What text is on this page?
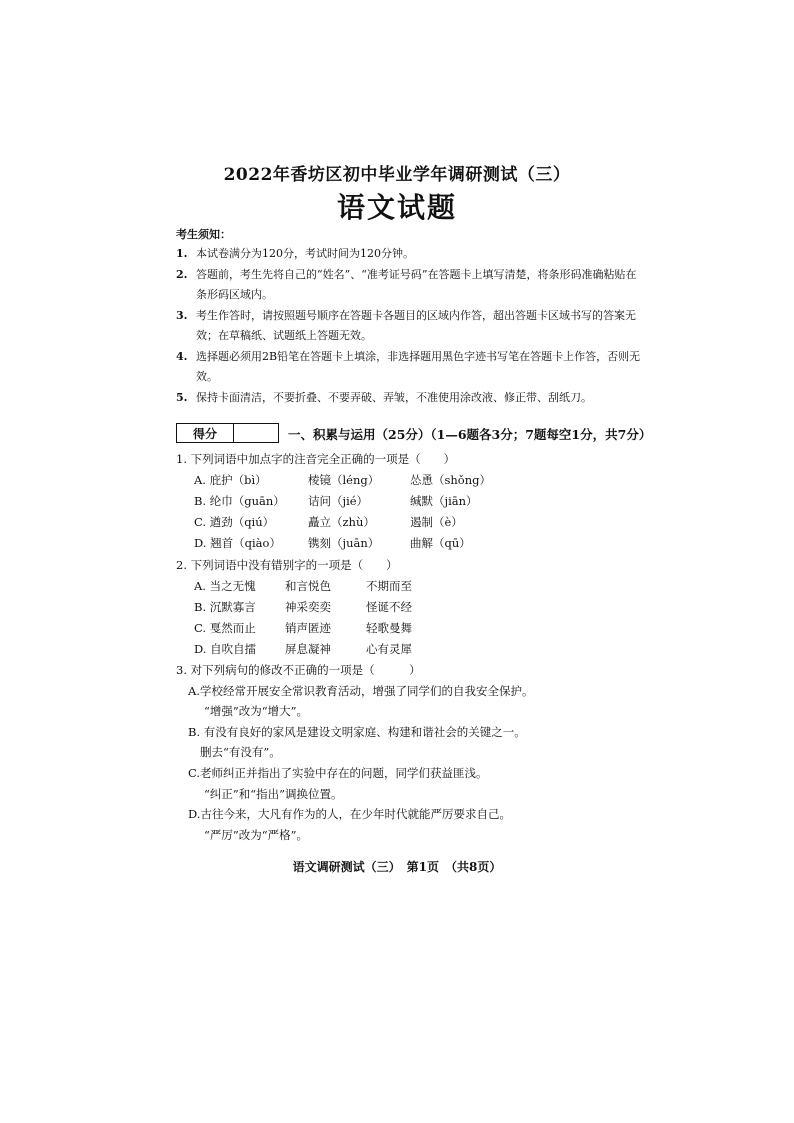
2022年香坊区初中毕业学年调研测试（三）
语文试题
考生须知：
1. 本试卷满分为120分，考试时间为120分钟。
2. 答题前，考生先将自己的“姓名”、“准考证号码”在答题卡上填写清楚，将条形码准确粘贴在条形码区域内。
3. 考生作答时，请按照题号顺序在答题卡各题目的区域内作答，超出答题卡区域书写的答案无效；在草稿纸、试题纸上答题无效。
4. 选择题必须用2B铅笔在答题卡上填涂，非选择题用黑色字迹书写笔在答题卡上作答，否则无效。
5. 保持卡面清洁，不要折叠、不要弄破、弄皱，不准使用涂改液、修正带、刮纸刀。
得分	一、积累与运用（25分）（1—6题各3分；7题每空1分，共7分）
1. 下列词语中加点字的注音完全正确的一项是（　　）
A. 庇护（bì）	棱镜（léng）	怂恿（shǒng）
B. 纶巾（guān） 诘问（jié）	缄默（jiān）
C. 遒劲（qiú）	矗立（zhù）	遏制（è）
D. 翘首（qiào） 镌刻（juān）	曲解（qū）
2. 下列词语中没有错别字的一项是（　　）
A. 当之无愧	和言悦色	不期而至
B. 沉默寡言	神采奕奕	怪诞不经
C. 戛然而止	销声匿迹	轻歌曼舞
D. 自吹自擂	屏息凝神	心有灵犀
3. 对下列病句的修改不正确的一项是（　　　）
A.学校经常开展安全常识教育活动，增强了同学们的自我安全保护。
“增强”改为“增大”。
B. 有没有良好的家风是建设文明家庭、构建和谐社会的关键之一。
删去“有没有”。
C.老师纠正并指出了实验中存在的问题，同学们获益匪浅。
“纠正”和“指出”调换位置。
D.古往今来，大凡有作为的人，在少年时代就能严厉要求自己。
“严厉”改为“严格”。
语文调研测试（三）　第1页　（共8页）
